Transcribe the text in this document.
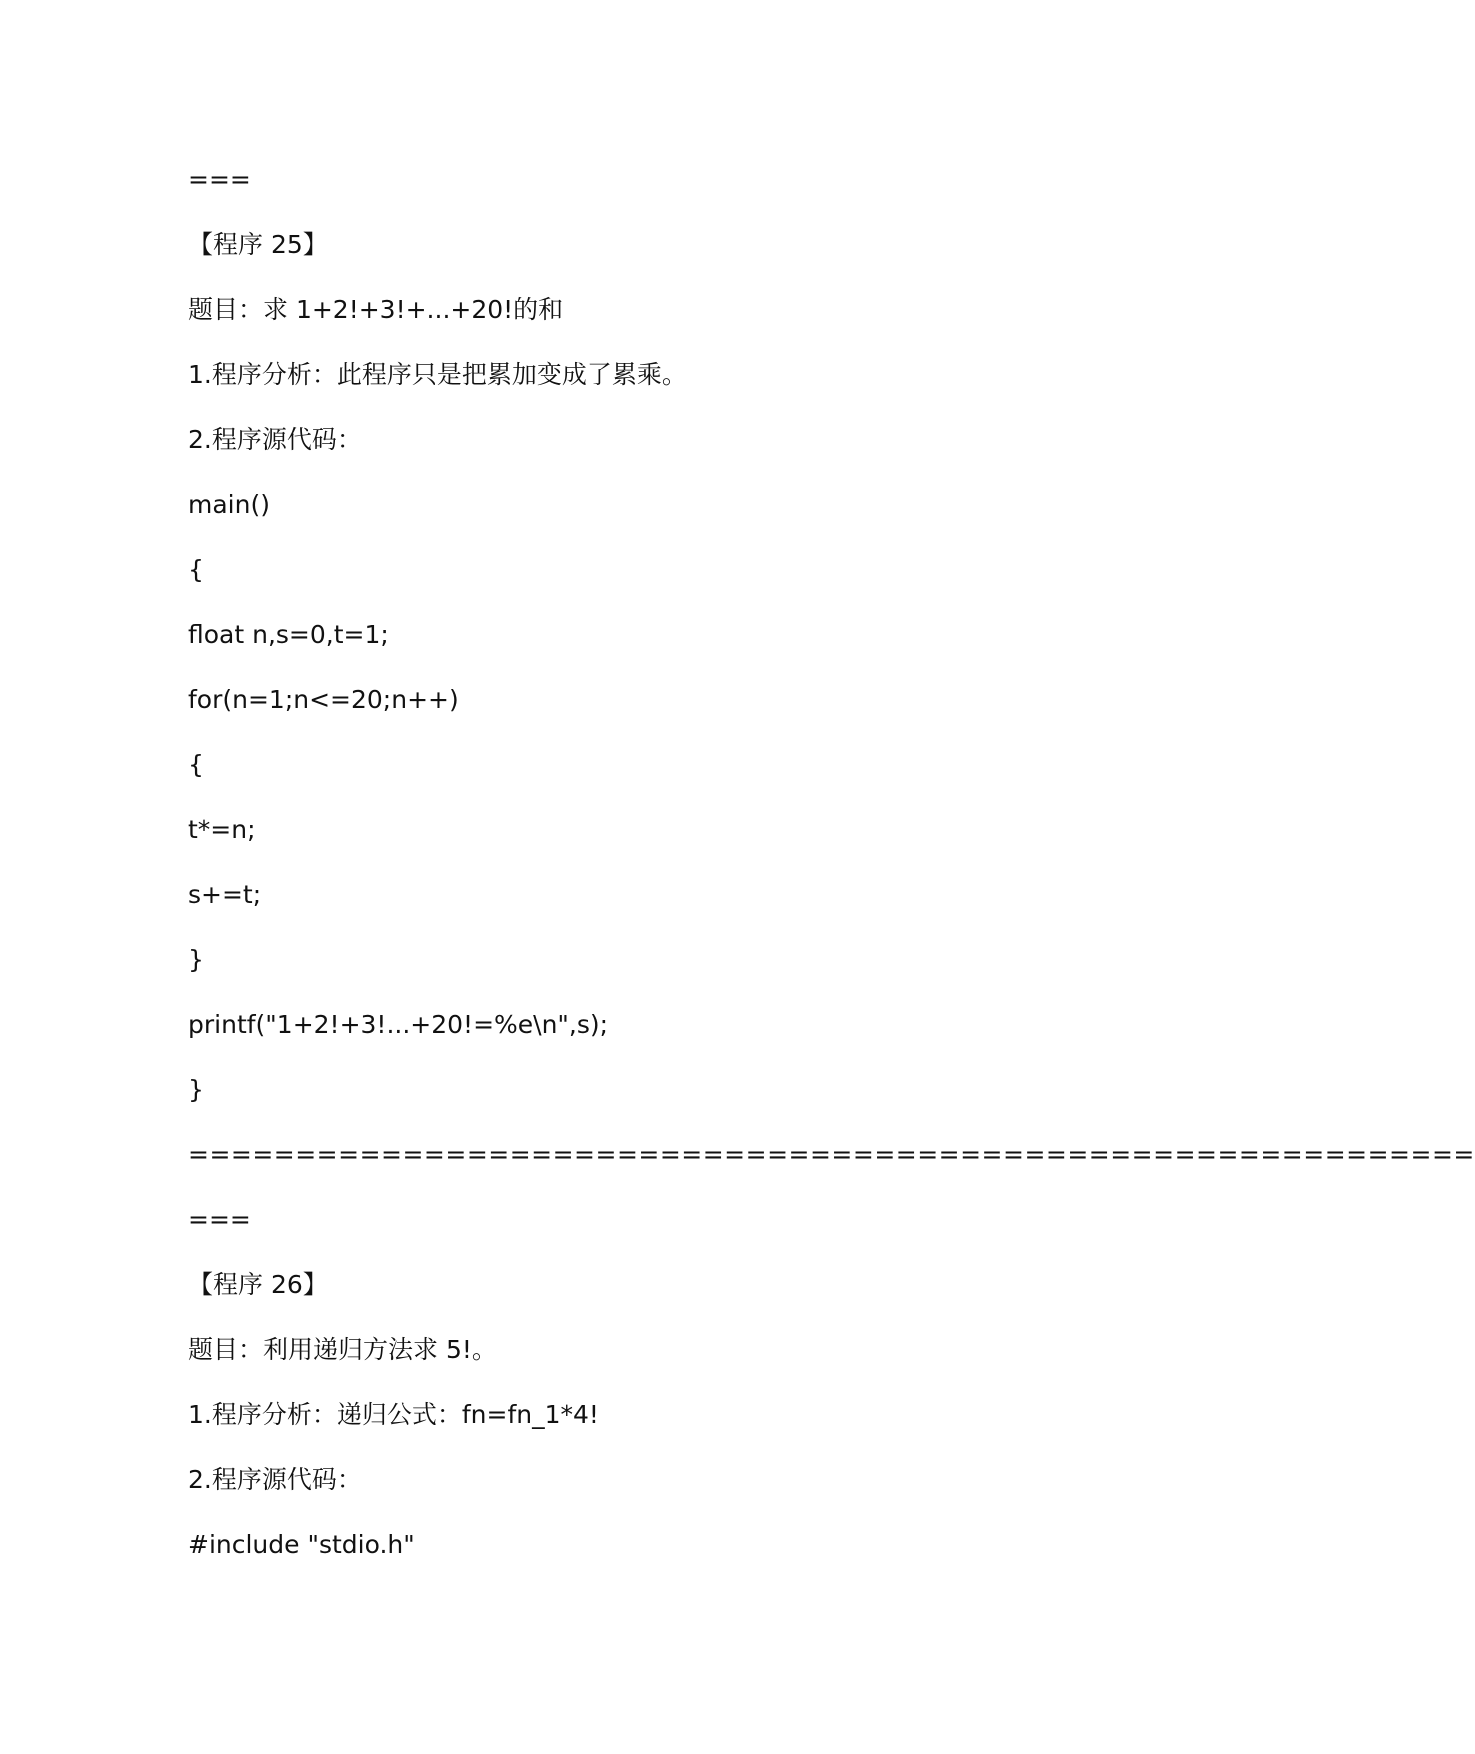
===
【程序 25】
题目：求 1+2!+3!+...+20!的和
1.程序分析：此程序只是把累加变成了累乘。
2.程序源代码：
main()
{
float n,s=0,t=1;
for(n=1;n<=20;n++)
{
t*=n;
s+=t;
}
printf("1+2!+3!...+20!=%e\n",s);
}
============================================================
===
【程序 26】
题目：利用递归方法求 5!。
1.程序分析：递归公式：fn=fn_1*4!
2.程序源代码：
#include "stdio.h"
